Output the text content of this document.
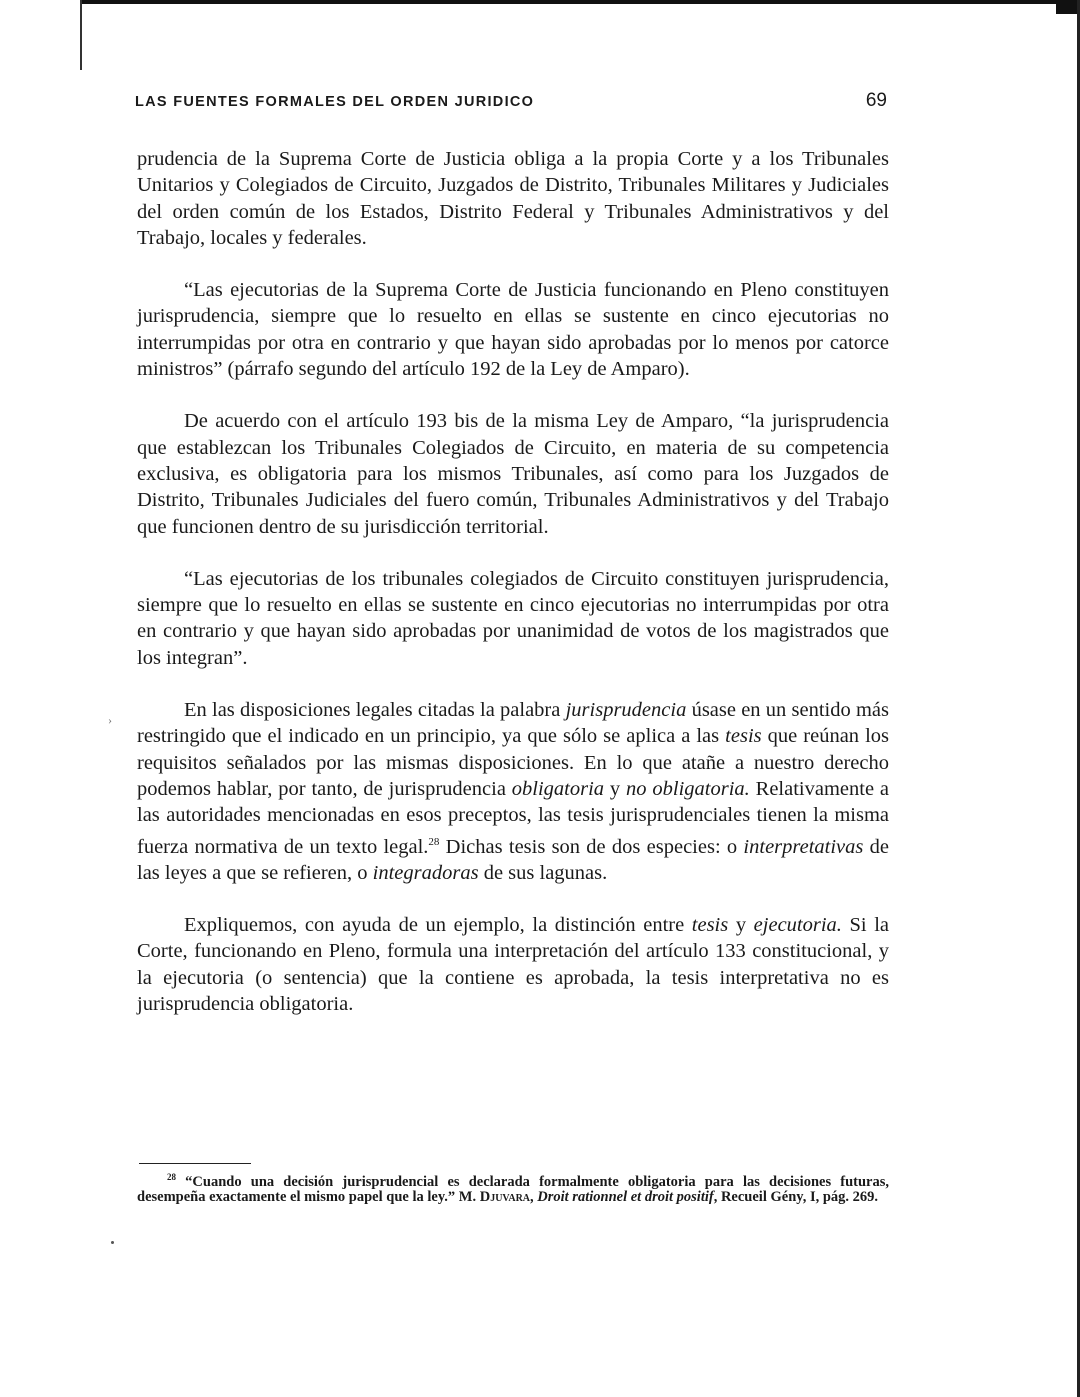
LAS FUENTES FORMALES DEL ORDEN JURIDICO	69

prudencia de la Suprema Corte de Justicia obliga a la propia Corte y a los Tribunales Unitarios y Colegiados de Circuito, Juzgados de Distrito, Tribunales Militares y Judiciales del orden común de los Estados, Distrito Federal y Tribunales Administrativos y del Trabajo, locales y federales.

“Las ejecutorias de la Suprema Corte de Justicia funcionando en Pleno constituyen jurisprudencia, siempre que lo resuelto en ellas se sustente en cinco ejecutorias no interrumpidas por otra en contrario y que hayan sido aprobadas por lo menos por catorce ministros” (párrafo segundo del artículo 192 de la Ley de Amparo).

De acuerdo con el artículo 193 bis de la misma Ley de Amparo, “la jurisprudencia que establezcan los Tribunales Colegiados de Circuito, en materia de su competencia exclusiva, es obligatoria para los mismos Tribunales, así como para los Juzgados de Distrito, Tribunales Judiciales del fuero común, Tribunales Administrativos y del Trabajo que funcionen dentro de su jurisdicción territorial.

“Las ejecutorias de los tribunales colegiados de Circuito constituyen jurisprudencia, siempre que lo resuelto en ellas se sustente en cinco ejecutorias no interrumpidas por otra en contrario y que hayan sido aprobadas por unanimidad de votos de los magistrados que los integran”.

En las disposiciones legales citadas la palabra jurisprudencia úsase en un sentido más restringido que el indicado en un principio, ya que sólo se aplica a las tesis que reúnan los requisitos señalados por las mismas disposiciones. En lo que atañe a nuestro derecho podemos hablar, por tanto, de jurisprudencia obligatoria y no obligatoria. Relativamente a las autoridades mencionadas en esos preceptos, las tesis jurisprudenciales tienen la misma fuerza normativa de un texto legal.$^{28}$ Dichas tesis son de dos especies: o interpretativas de las leyes a que se refieren, o integradoras de sus lagunas.

Expliquemos, con ayuda de un ejemplo, la distinción entre tesis y ejecutoria. Si la Corte, funcionando en Pleno, formula una interpretación del artículo 133 constitucional, y la ejecutoria (o sentencia) que la contiene es aprobada, la tesis interpretativa no es jurisprudencia obligatoria.

$^{28}$ “Cuando una decisión jurisprudencial es declarada formalmente obligatoria para las decisiones futuras, desempeña exactamente el mismo papel que la ley.” M. Djuvara, Droit rationnel et droit positif, Recueil Gény, I, pág. 269.

›
